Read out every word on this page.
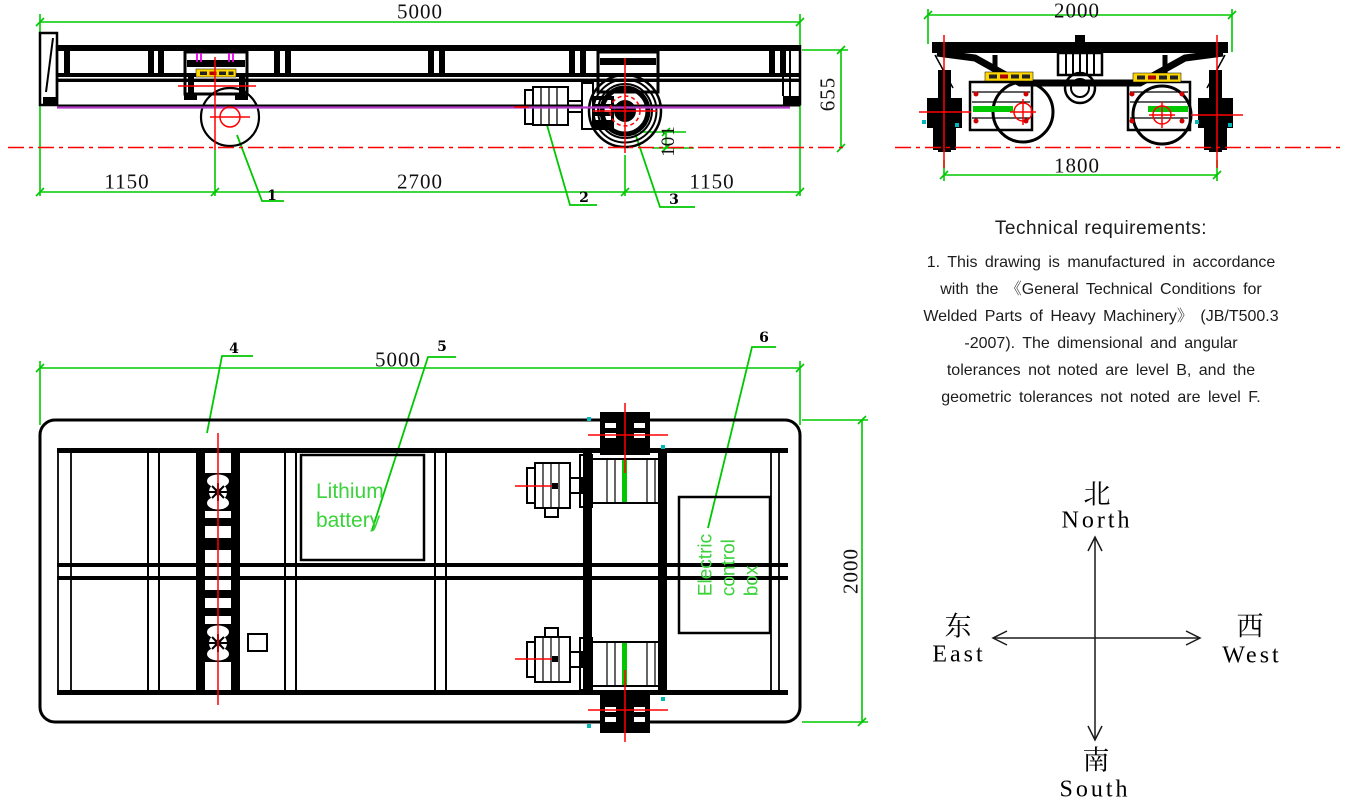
5000
655
101
1150	2700	1150
2000
1800
5000
2000
1	2	3
4	5
6
Lithium
battery
Electric control box
Technical requirements:
1. This drawing is manufactured in accordance
with the 《General Technical Conditions for
Welded Parts of Heavy Machinery》 (JB/T500.3
-2007). The dimensional and angular
tolerances not noted are level B, and the
geometric tolerances not noted are level F.
北
North
东
East
西
West
南
South
